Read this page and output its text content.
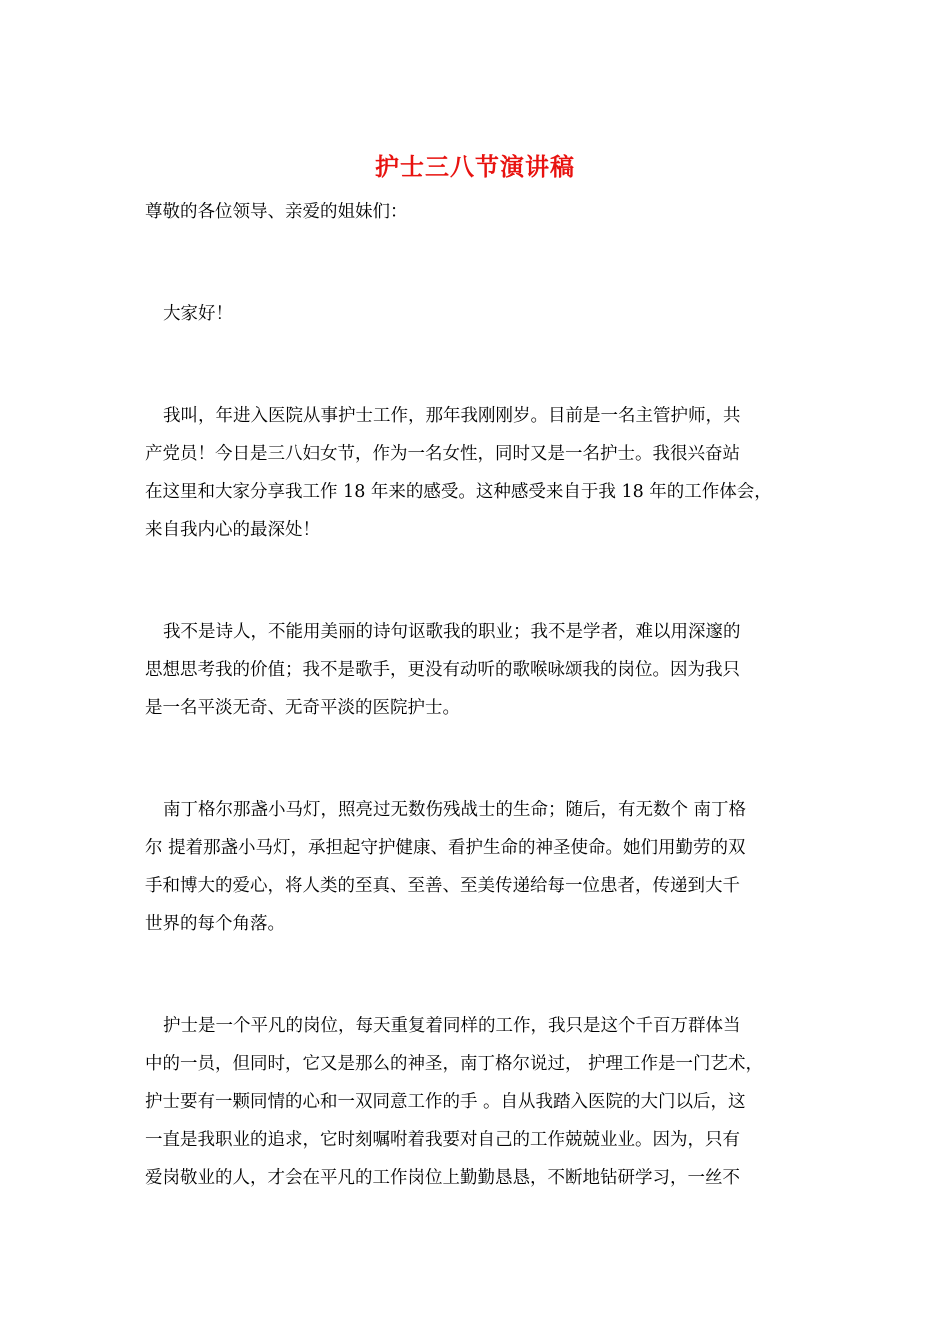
护士三八节演讲稿
尊敬的各位领导、亲爱的姐妹们：
大家好！
我叫，年进入医院从事护士工作，那年我刚刚岁。目前是一名主管护师，共
产党员！今日是三八妇女节，作为一名女性，同时又是一名护士。我很兴奋站
在这里和大家分享我工作 18 年来的感受。这种感受来自于我 18 年的工作体会，
来自我内心的最深处！
我不是诗人，不能用美丽的诗句讴歌我的职业；我不是学者，难以用深邃的
思想思考我的价值；我不是歌手，更没有动听的歌喉咏颂我的岗位。因为我只
是一名平淡无奇、无奇平淡的医院护士。
南丁格尔那盏小马灯，照亮过无数伤残战士的生命；随后，有无数个 南丁格
尔 提着那盏小马灯，承担起守护健康、看护生命的神圣使命。她们用勤劳的双
手和博大的爱心，将人类的至真、至善、至美传递给每一位患者，传递到大千
世界的每个角落。
护士是一个平凡的岗位，每天重复着同样的工作，我只是这个千百万群体当
中的一员，但同时，它又是那么的神圣，南丁格尔说过， 护理工作是一门艺术，
护士要有一颗同情的心和一双同意工作的手 。自从我踏入医院的大门以后，这
一直是我职业的追求，它时刻嘱咐着我要对自己的工作兢兢业业。因为，只有
爱岗敬业的人，才会在平凡的工作岗位上勤勤恳恳，不断地钻研学习，一丝不
